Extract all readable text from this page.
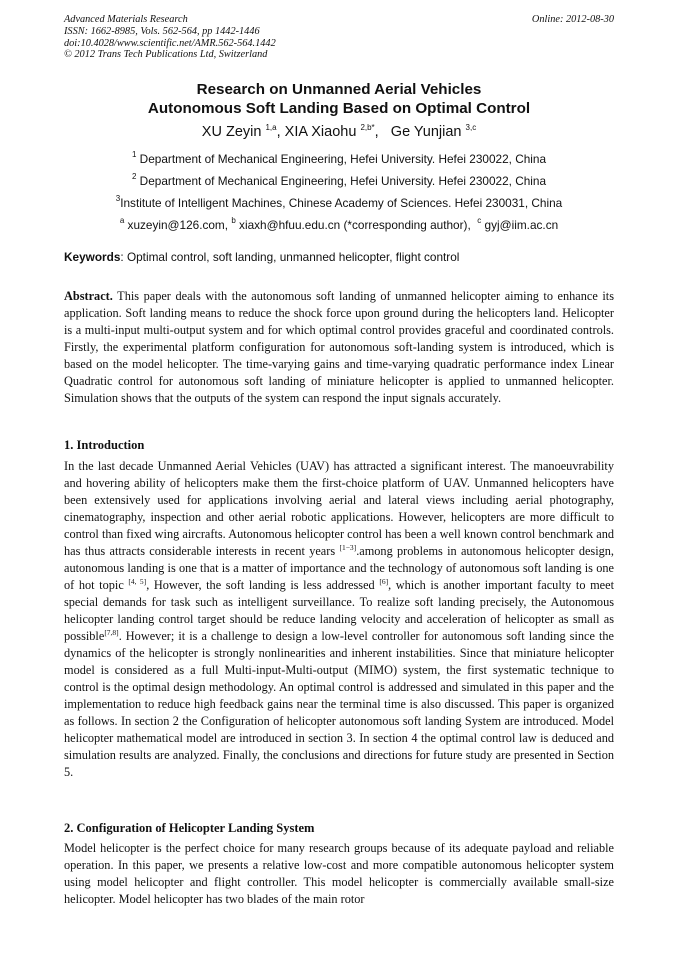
Advanced Materials Research
ISSN: 1662-8985, Vols. 562-564, pp 1442-1446
doi:10.4028/www.scientific.net/AMR.562-564.1442
© 2012 Trans Tech Publications Ltd, Switzerland
Online: 2012-08-30
Research on Unmanned Aerial Vehicles
Autonomous Soft Landing Based on Optimal Control
XU Zeyin $^{1,a}$, XIA Xiaohu $^{2,b*}$,   Ge Yunjian $^{3,c}$
$^1$ Department of Mechanical Engineering, Hefei University. Hefei 230022, China
$^2$ Department of Mechanical Engineering, Hefei University. Hefei 230022, China
$^3$Institute of Intelligent Machines, Chinese Academy of Sciences. Hefei 230031, China
$^a$ xuzeyin@126.com, $^b$ xiaxh@hfuu.edu.cn (*corresponding author),  $^c$ gyj@iim.ac.cn
Keywords: Optimal control, soft landing, unmanned helicopter, flight control
Abstract. This paper deals with the autonomous soft landing of unmanned helicopter aiming to enhance its application. Soft landing means to reduce the shock force upon ground during the helicopters land. Helicopter is a multi-input multi-output system and for which optimal control provides graceful and coordinated controls. Firstly, the experimental platform configuration for autonomous soft-landing system is introduced, which is based on the model helicopter. The time-varying gains and time-varying quadratic performance index Linear Quadratic control for autonomous soft landing of miniature helicopter is applied to unmanned helicopter. Simulation shows that the outputs of the system can respond the input signals accurately.
1. Introduction
In the last decade Unmanned Aerial Vehicles (UAV) has attracted a significant interest. The manoeuvrability and hovering ability of helicopters make them the first-choice platform of UAV. Unmanned helicopters have been extensively used for applications involving aerial and lateral views including aerial photography, cinematography, inspection and other aerial robotic applications. However, helicopters are more difficult to control than fixed wing aircrafts. Autonomous helicopter control has been a well known control benchmark and has thus attracts considerable interests in recent years [1−3].among problems in autonomous helicopter design, autonomous landing is one that is a matter of importance and the technology of autonomous soft landing is one of hot topic [4, 5], However, the soft landing is less addressed [6], which is another important faculty to meet special demands for task such as intelligent surveillance. To realize soft landing precisely, the Autonomous helicopter landing control target should be reduce landing velocity and acceleration of helicopter as small as possible[7,8]. However; it is a challenge to design a low-level controller for autonomous soft landing since the dynamics of the helicopter is strongly nonlinearities and inherent instabilities. Since that miniature helicopter model is considered as a full Multi-input-Multi-output (MIMO) system, the first systematic technique to control is the optimal design methodology. An optimal control is addressed and simulated in this paper and the implementation to reduce high feedback gains near the terminal time is also discussed. This paper is organized as follows. In section 2 the Configuration of helicopter autonomous soft landing System are introduced. Model helicopter mathematical model are introduced in section 3. In section 4 the optimal control law is deduced and simulation results are analyzed. Finally, the conclusions and directions for future study are presented in Section 5.
2. Configuration of Helicopter Landing System
Model helicopter is the perfect choice for many research groups because of its adequate payload and reliable operation. In this paper, we presents a relative low-cost and more compatible autonomous helicopter system using model helicopter and flight controller. This model helicopter is commercially available small-size helicopter. Model helicopter has two blades of the main rotor
